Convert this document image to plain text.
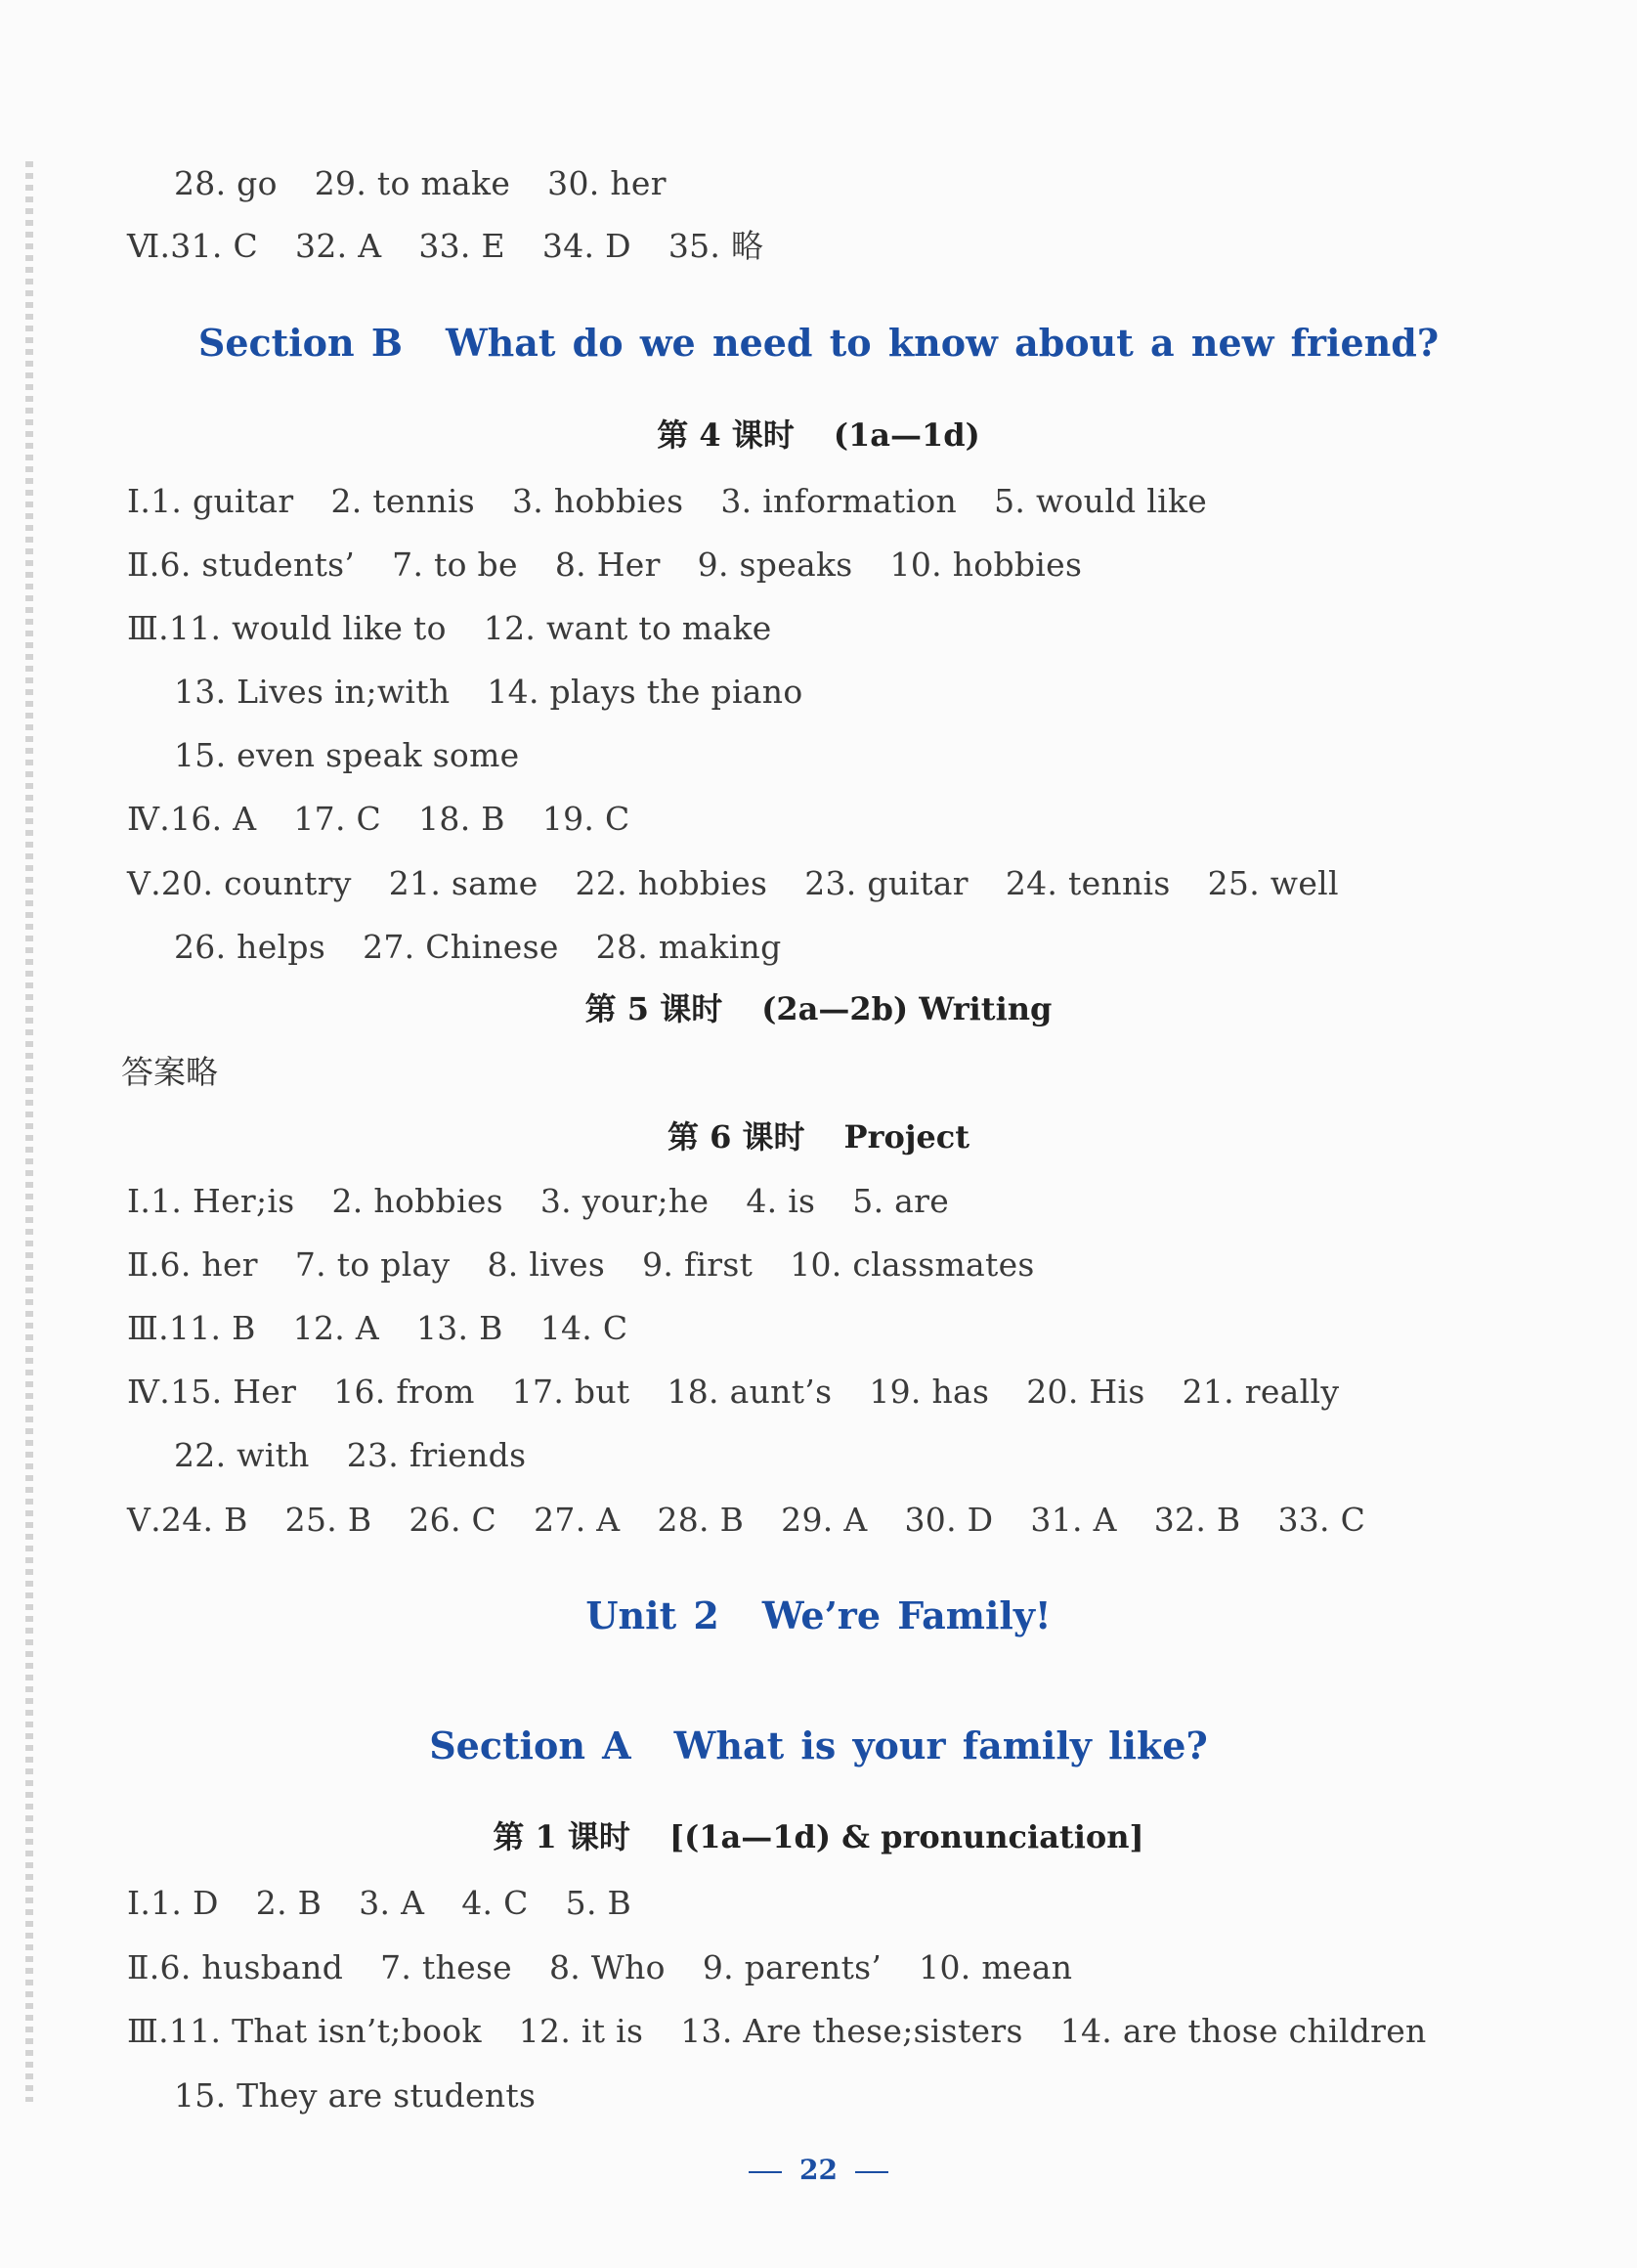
28. go 29. to make 30. her
Ⅵ.31. C 32. A 33. E 34. D 35. 略
Section B What do we need to know about a new friend?
第 4 课时 (1a—1d)
Ⅰ.1. guitar 2. tennis 3. hobbies 3. information 5. would like
Ⅱ.6. students’ 7. to be 8. Her 9. speaks 10. hobbies
Ⅲ.11. would like to 12. want to make
13. Lives in;with 14. plays the piano
15. even speak some
Ⅳ.16. A 17. C 18. B 19. C
Ⅴ.20. country 21. same 22. hobbies 23. guitar 24. tennis 25. well
26. helps 27. Chinese 28. making
第 5 课时 (2a—2b) Writing
答案略
第 6 课时 Project
Ⅰ.1. Her;is 2. hobbies 3. your;he 4. is 5. are
Ⅱ.6. her 7. to play 8. lives 9. first 10. classmates
Ⅲ.11. B 12. A 13. B 14. C
Ⅳ.15. Her 16. from 17. but 18. aunt’s 19. has 20. His 21. really
22. with 23. friends
Ⅴ.24. B 25. B 26. C 27. A 28. B 29. A 30. D 31. A 32. B 33. C
Unit 2 We’re Family!
Section A What is your family like?
第 1 课时 [(1a—1d) & pronunciation]
Ⅰ.1. D 2. B 3. A 4. C 5. B
Ⅱ.6. husband 7. these 8. Who 9. parents’ 10. mean
Ⅲ.11. That isn’t;book 12. it is 13. Are these;sisters 14. are those children
15. They are students
22
